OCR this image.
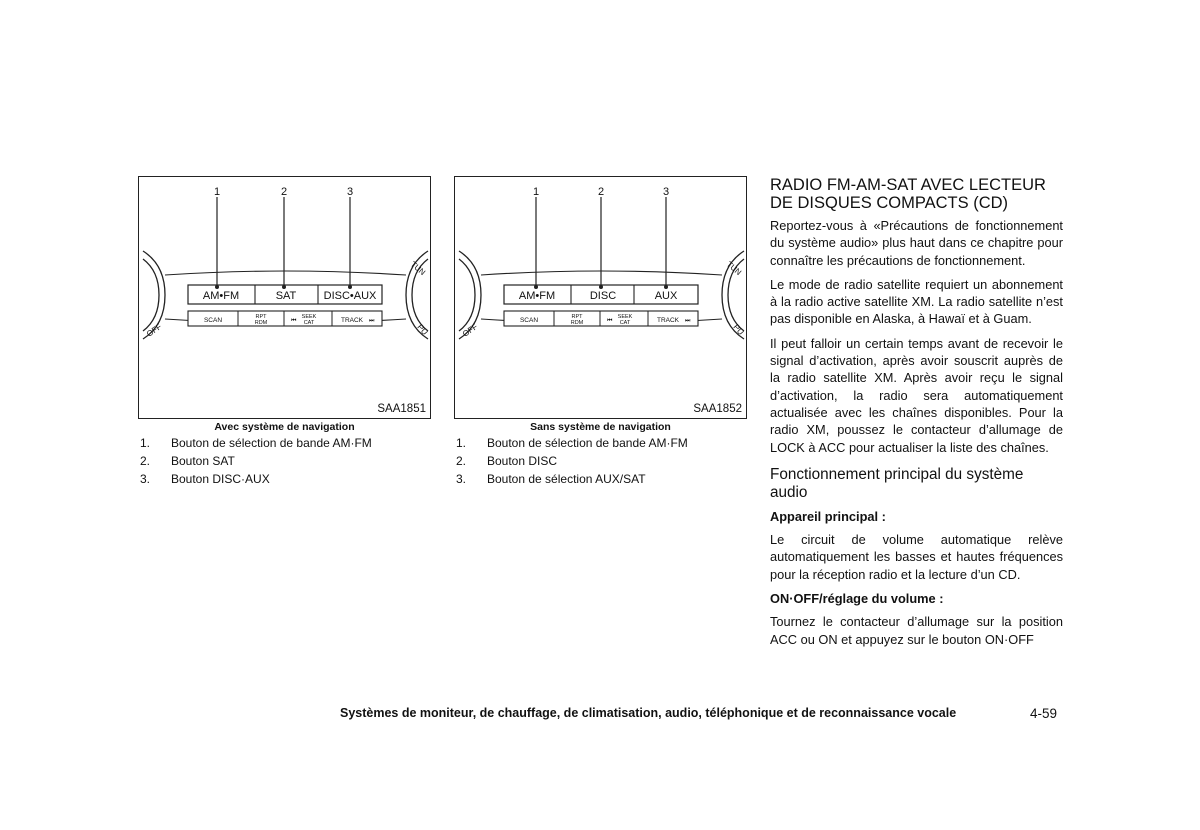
1	2	3
AM•FM	SAT DISC•AUX
SCAN	RPT RDM
SEEK CAT
⏮	TRACK ⏭
OFF
TUN
PU
SAA1851
Avec système de navigation
1. Bouton de sélection de bande AM·FM
2. Bouton SAT
3. Bouton DISC·AUX
1	2	3
AM•FM	DISC	AUX
SCAN	RPT RDM
SEEK CAT
⏮	TRACK ⏭
OFF
TUN
PU
SAA1852
Sans système de navigation
1. Bouton de sélection de bande AM·FM
2. Bouton DISC
3. Bouton de sélection AUX/SAT
RADIO FM-AM-SAT AVEC LECTEUR DE DISQUES COMPACTS (CD)

Reportez-vous à «Précautions de fonctionnement du système audio» plus haut dans ce chapitre pour connaître les précautions de fonctionnement.

Le mode de radio satellite requiert un abonnement à la radio active satellite XM. La radio satellite n’est pas disponible en Alaska, à Hawaï et à Guam.

Il peut falloir un certain temps avant de recevoir le signal d’activation, après avoir souscrit auprès de la radio satellite XM. Après avoir reçu le signal d’activation, la radio sera automatiquement actualisée avec les chaînes disponibles. Pour la radio XM, poussez le contacteur d’allumage de LOCK à ACC pour actualiser la liste des chaînes.

Fonctionnement principal du système audio
Appareil principal :

Le circuit de volume automatique relève automatiquement les basses et hautes fréquences pour la réception radio et la lecture d’un CD.

ON·OFF/réglage du volume :

Tournez le contacteur d’allumage sur la position ACC ou ON et appuyez sur le bouton ON·OFF

Systèmes de moniteur, de chauffage, de climatisation, audio, téléphonique et de reconnaissance vocale	4-59
